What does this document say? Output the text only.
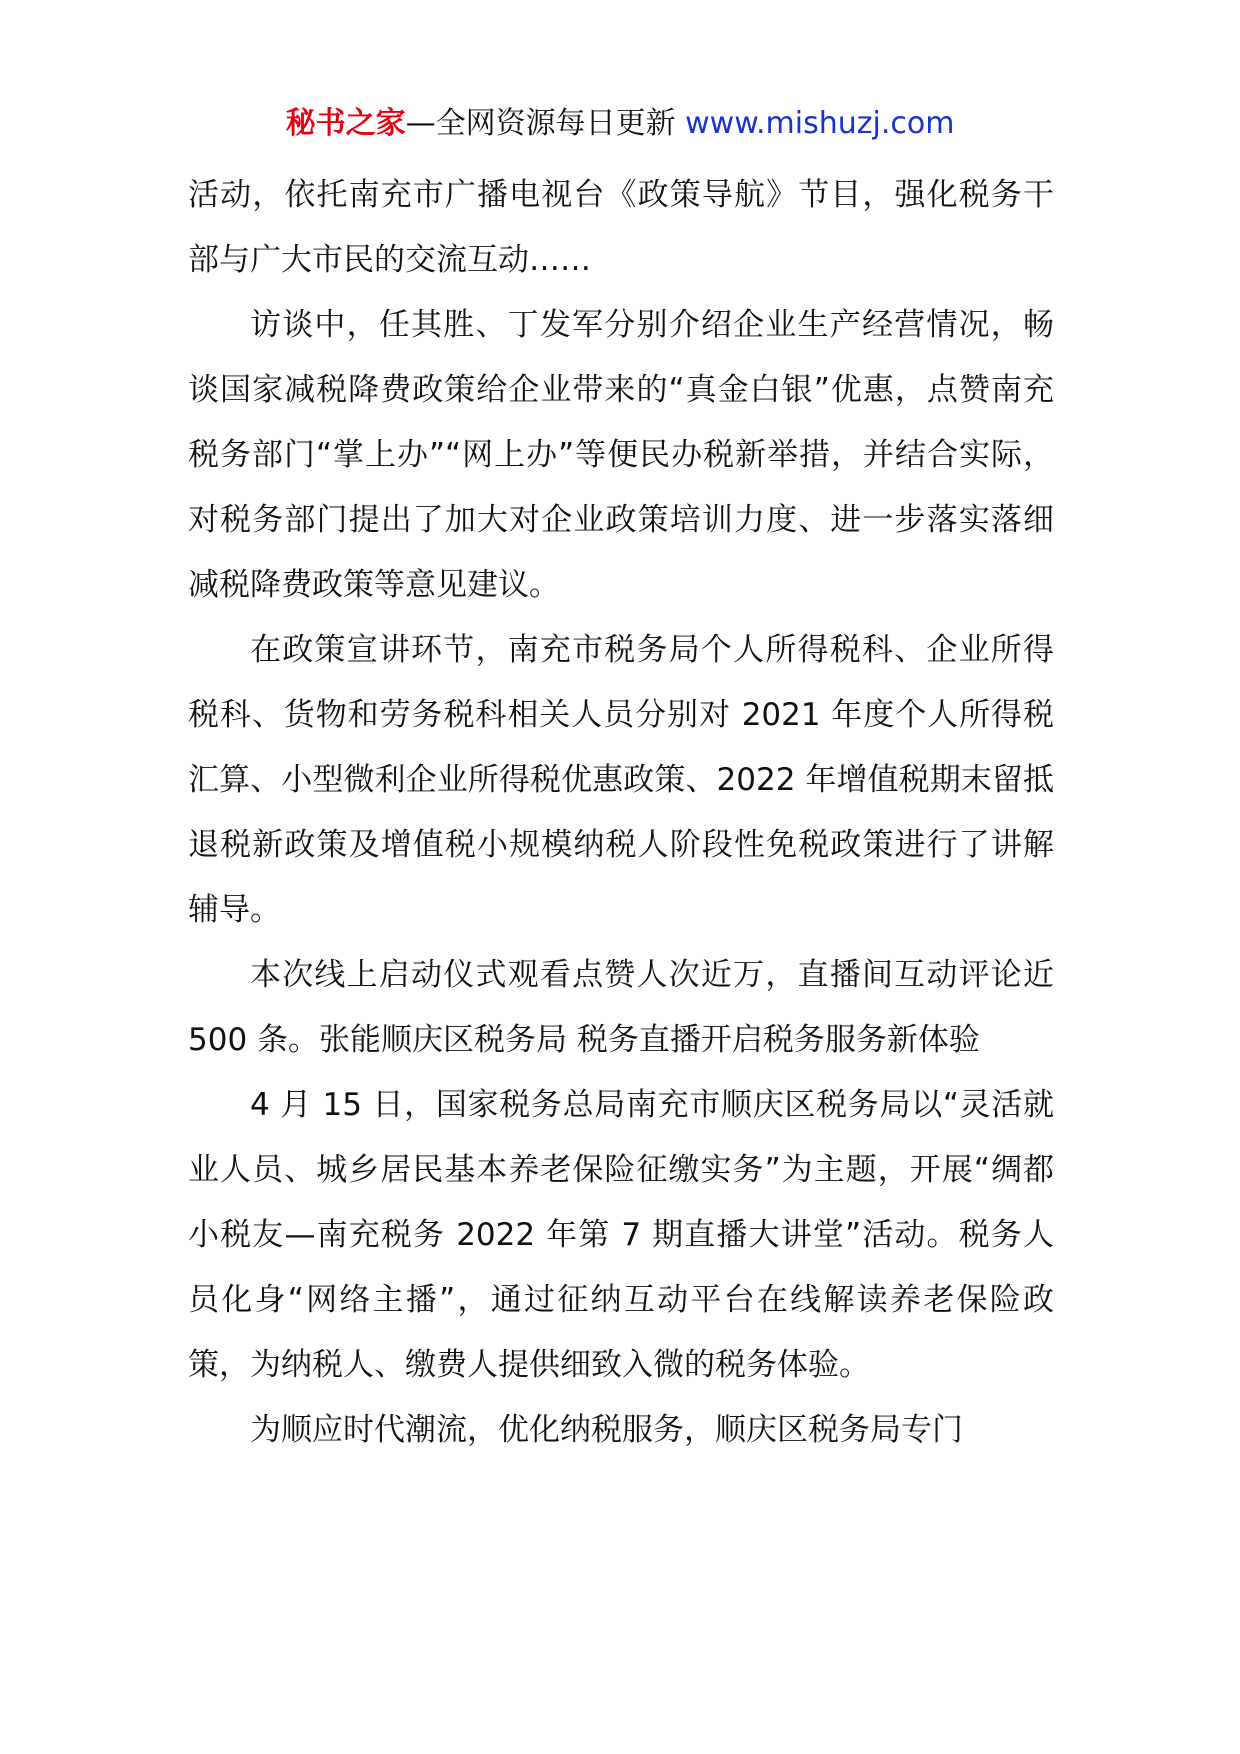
秘书之家—全网资源每日更新 www.mishuzj.com

活动，依托南充市广播电视台《政策导航》节目，强化税务干部与广大市民的交流互动……

访谈中，任其胜、丁发军分别介绍企业生产经营情况，畅谈国家减税降费政策给企业带来的“真金白银”优惠，点赞南充税务部门“掌上办”“网上办”等便民办税新举措，并结合实际，对税务部门提出了加大对企业政策培训力度、进一步落实落细减税降费政策等意见建议。

在政策宣讲环节，南充市税务局个人所得税科、企业所得税科、货物和劳务税科相关人员分别对 2021 年度个人所得税汇算、小型微利企业所得税优惠政策、2022 年增值税期末留抵退税新政策及增值税小规模纳税人阶段性免税政策进行了讲解辅导。

本次线上启动仪式观看点赞人次近万，直播间互动评论近 500 条。张能顺庆区税务局 税务直播开启税务服务新体验

4 月 15 日，国家税务总局南充市顺庆区税务局以“灵活就业人员、城乡居民基本养老保险征缴实务”为主题，开展“绸都小税友—南充税务 2022 年第 7 期直播大讲堂”活动。税务人员化身“网络主播”，通过征纳互动平台在线解读养老保险政策，为纳税人、缴费人提供细致入微的税务体验。

为顺应时代潮流，优化纳税服务，顺庆区税务局专门
